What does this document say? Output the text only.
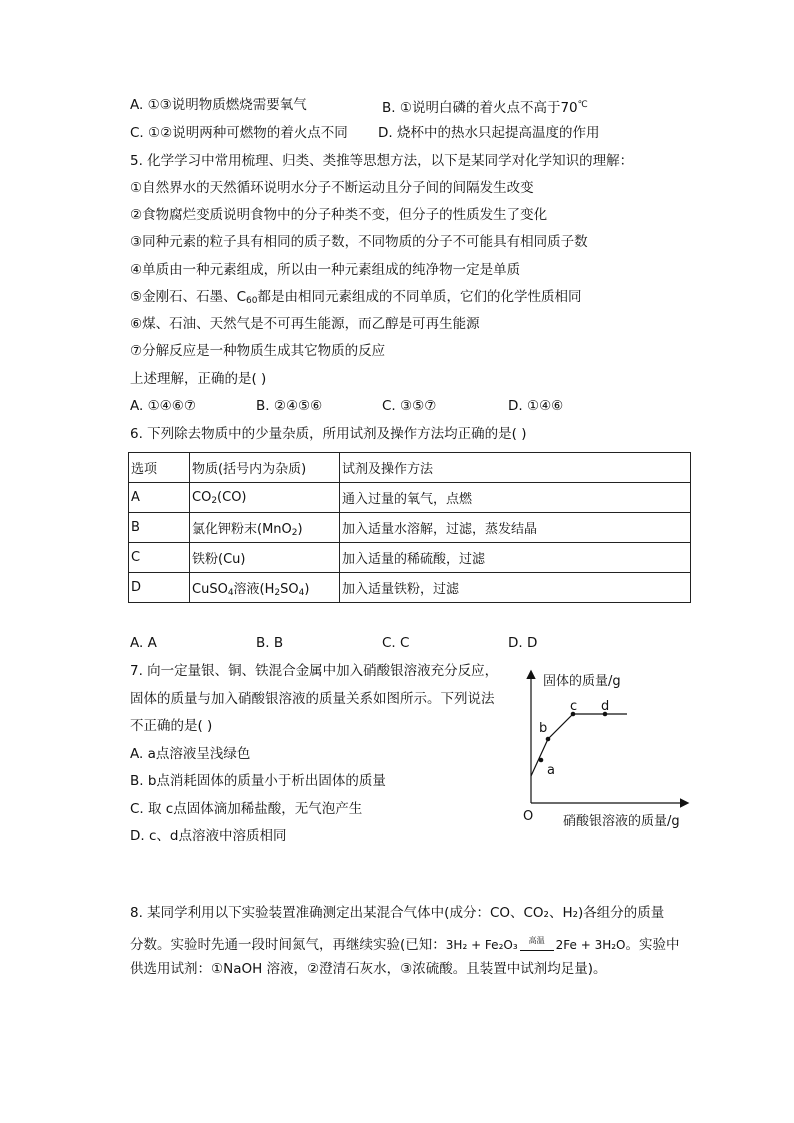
A. ①③说明物质燃烧需要氧气	B. ①说明白磷的着火点不高于70℃
C. ①②说明两种可燃物的着火点不同 D. 烧杯中的热水只起提高温度的作用
5. 化学学习中常用梳理、归类、类推等思想方法，以下是某同学对化学知识的理解：
①自然界水的天然循环说明水分子不断运动且分子间的间隔发生改变
②食物腐烂变质说明食物中的分子种类不变，但分子的性质发生了变化
③同种元素的粒子具有相同的质子数，不同物质的分子不可能具有相同质子数
④单质由一种元素组成，所以由一种元素组成的纯净物一定是单质
⑤金刚石、石墨、$C_{60}$都是由相同元素组成的不同单质，它们的化学性质相同
⑥煤、石油、天然气是不可再生能源，而乙醇是可再生能源
⑦分解反应是一种物质生成其它物质的反应
上述理解，正确的是( )
A. ①④⑥⑦	B. ②④⑤⑥	C. ③⑤⑦	D. ①④⑥
6. 下列除去物质中的少量杂质，所用试剂及操作方法均正确的是( )
选项	物质(括号内为杂质)	试剂及操作方法
A	$CO_2(CO)$	通入过量的氧气，点燃
B	氯化钾粉末(MnO$_2$)	加入适量水溶解，过滤，蒸发结晶
C	铁粉(Cu)	加入适量的稀硫酸，过滤
D	CuSO$_4$溶液$(H_2SO_4)$	加入适量铁粉，过滤
A. A	B. B	C. C	D. D
7. 向一定量银、铜、铁混合金属中加入硝酸银溶液充分反应，
固体的质量与加入硝酸银溶液的质量关系如图所示。下列说法
不正确的是( )
A. a点溶液呈浅绿色
B. b点消耗固体的质量小于析出固体的质量
C. 取 c点固体滴加稀盐酸，无气泡产生
D. c、d点溶液中溶质相同
固体的质量/g
硝酸银溶液的质量/g
O
a
b
c d
8. 某同学利用以下实验装置准确测定出某混合气体中(成分：CO、CO₂、H₂)各组分的质量
分数。实验时先通一段时间氮气，再继续实验(已知：3H₂ + Fe₂O₃ 高温 2Fe + 3H₂O。实验中
供选用试剂：①NaOH 溶液，②澄清石灰水，③浓硫酸。且装置中试剂均足量)。
